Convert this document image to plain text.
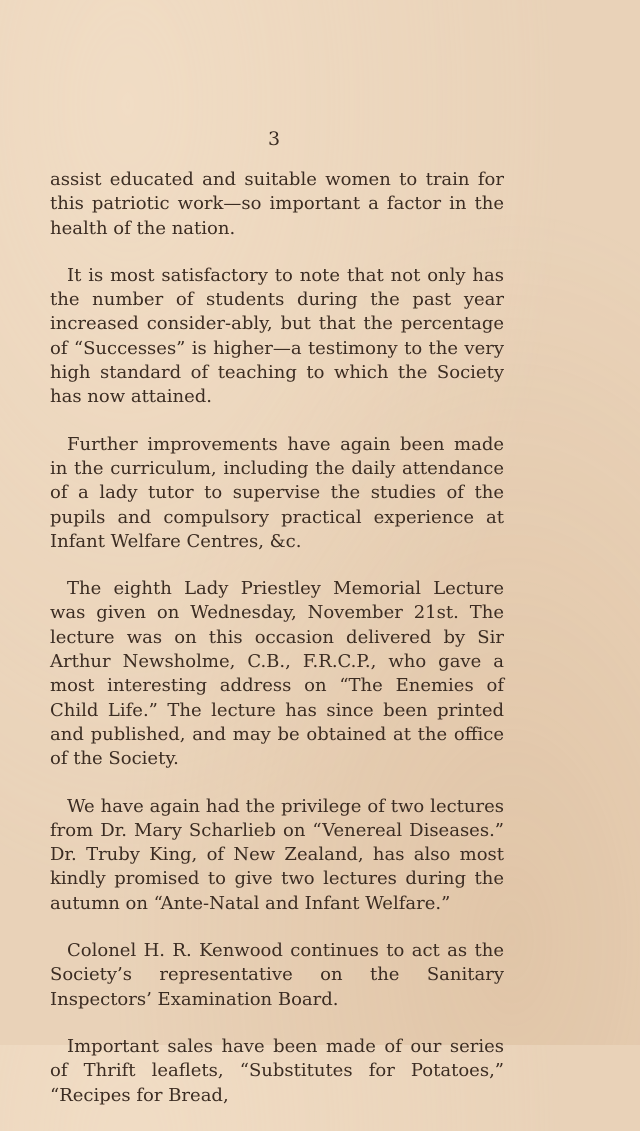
3

assist educated and suitable women to train for this patriotic work—so important a factor in the health of the nation.

It is most satisfactory to note that not only has the number of students during the past year increased consider-ably, but that the percentage of “Successes” is higher—a testimony to the very high standard of teaching to which the Society has now attained.

Further improvements have again been made in the curriculum, including the daily attendance of a lady tutor to supervise the studies of the pupils and compulsory practical experience at Infant Welfare Centres, &c.

The eighth Lady Priestley Memorial Lecture was given on Wednesday, November 21st. The lecture was on this occasion delivered by Sir Arthur Newsholme, C.B., F.R.C.P., who gave a most interesting address on “The Enemies of Child Life.” The lecture has since been printed and published, and may be obtained at the office of the Society.

We have again had the privilege of two lectures from Dr. Mary Scharlieb on “Venereal Diseases.” Dr. Truby King, of New Zealand, has also most kindly promised to give two lectures during the autumn on “Ante-Natal and Infant Welfare.”

Colonel H. R. Kenwood continues to act as the Society’s representative on the Sanitary Inspectors’ Examination Board.

Important sales have been made of our series of Thrift leaflets, “Substitutes for Potatoes,” “Recipes for Bread,
